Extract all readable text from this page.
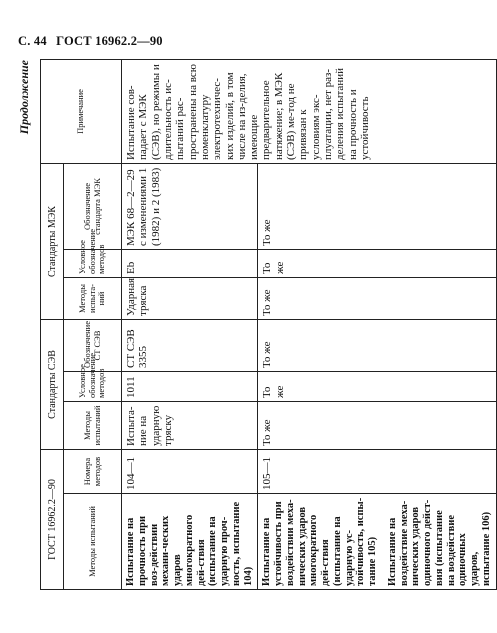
С. 44 ГОСТ 16962.2—90
Продолжение
ГОСТ 16962.2—90		Стандарты СЭВ			Стандарты МЭК			Примечание
Методы испытаний	Номера методов	Методы испытаний	Условное обозначение методов	Обозначение СТ СЭВ	Методы испыта-ний	Условное обозначение методов	Обозначение стандарта МЭК	
Испытание на прочность при воз-действии механи-ческих ударов многократного дей-ствия (испытание на ударную проч-ность, испытание 104)	104—1	Испыта-ние на ударную тряску	1011	СТ СЭВ 3355	Ударная тряска	Eb	МЭК 68—2—29 с изменениями 1 (1982) и 2 (1983)	Испытание сов-падает с МЭК (СЭВ), но режимы и длительность ис-пытаний рас-пространены на всю номенклатуру электротехничес-ких изделий, в том числе на из-делия, имеющие предварительное натяжение; в МЭК (СЭВ) ме-тод не привязан к условиям экс-плуатации, нет раз-деления испытаний на прочность и устойчивость

Испытание на устойчивость при воздействии меха-нических ударов многократного дей-ствия (испытание на ударную ус-тойчивость, испы-тание 105) Испытание на воздействие меха-нических ударов одиночного дейст-вия (испытание на воздействие одиночных ударов, испытание 106)	105—1	То же	То же	То же	То же	То же	То же	
